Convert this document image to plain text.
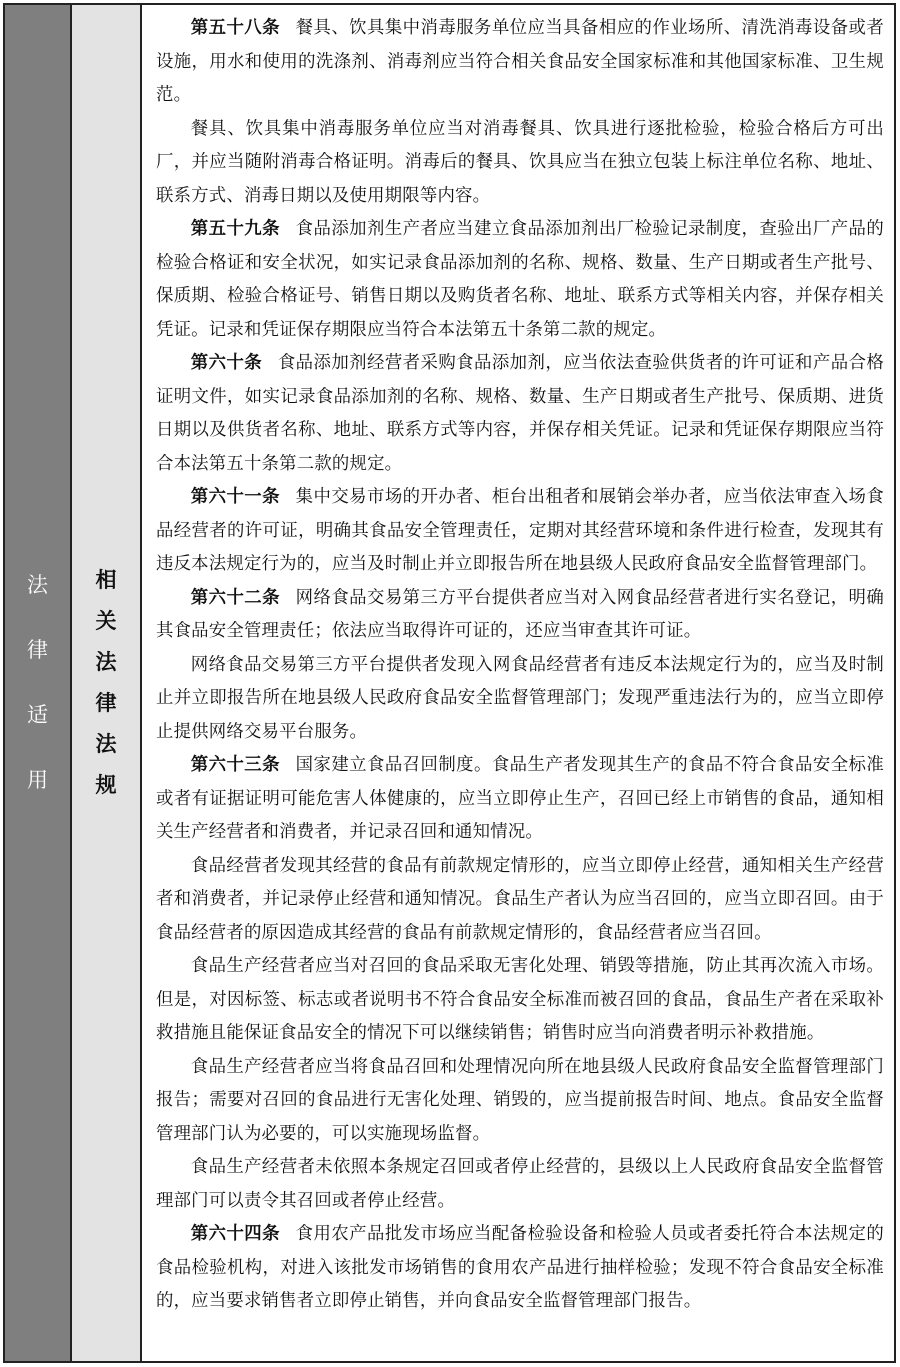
法
律
适
用
相
关
法
律
法
规

第五十八条 餐具、饮具集中消毒服务单位应当具备相应的作业场所、清洗消毒设备或者设施，用水和使用的洗涤剂、消毒剂应当符合相关食品安全国家标准和其他国家标准、卫生规范。

餐具、饮具集中消毒服务单位应当对消毒餐具、饮具进行逐批检验，检验合格后方可出厂，并应当随附消毒合格证明。消毒后的餐具、饮具应当在独立包装上标注单位名称、地址、联系方式、消毒日期以及使用期限等内容。

第五十九条 食品添加剂生产者应当建立食品添加剂出厂检验记录制度，查验出厂产品的检验合格证和安全状况，如实记录食品添加剂的名称、规格、数量、生产日期或者生产批号、保质期、检验合格证号、销售日期以及购货者名称、地址、联系方式等相关内容，并保存相关凭证。记录和凭证保存期限应当符合本法第五十条第二款的规定。

第六十条 食品添加剂经营者采购食品添加剂，应当依法查验供货者的许可证和产品合格证明文件，如实记录食品添加剂的名称、规格、数量、生产日期或者生产批号、保质期、进货日期以及供货者名称、地址、联系方式等内容，并保存相关凭证。记录和凭证保存期限应当符合本法第五十条第二款的规定。

第六十一条 集中交易市场的开办者、柜台出租者和展销会举办者，应当依法审查入场食品经营者的许可证，明确其食品安全管理责任，定期对其经营环境和条件进行检查，发现其有违反本法规定行为的，应当及时制止并立即报告所在地县级人民政府食品安全监督管理部门。

第六十二条 网络食品交易第三方平台提供者应当对入网食品经营者进行实名登记，明确其食品安全管理责任；依法应当取得许可证的，还应当审查其许可证。

网络食品交易第三方平台提供者发现入网食品经营者有违反本法规定行为的，应当及时制止并立即报告所在地县级人民政府食品安全监督管理部门；发现严重违法行为的，应当立即停止提供网络交易平台服务。

第六十三条 国家建立食品召回制度。食品生产者发现其生产的食品不符合食品安全标准或者有证据证明可能危害人体健康的，应当立即停止生产，召回已经上市销售的食品，通知相关生产经营者和消费者，并记录召回和通知情况。

食品经营者发现其经营的食品有前款规定情形的，应当立即停止经营，通知相关生产经营者和消费者，并记录停止经营和通知情况。食品生产者认为应当召回的，应当立即召回。由于食品经营者的原因造成其经营的食品有前款规定情形的，食品经营者应当召回。

食品生产经营者应当对召回的食品采取无害化处理、销毁等措施，防止其再次流入市场。但是，对因标签、标志或者说明书不符合食品安全标准而被召回的食品，食品生产者在采取补救措施且能保证食品安全的情况下可以继续销售；销售时应当向消费者明示补救措施。

食品生产经营者应当将食品召回和处理情况向所在地县级人民政府食品安全监督管理部门报告；需要对召回的食品进行无害化处理、销毁的，应当提前报告时间、地点。食品安全监督管理部门认为必要的，可以实施现场监督。

食品生产经营者未依照本条规定召回或者停止经营的，县级以上人民政府食品安全监督管理部门可以责令其召回或者停止经营。

第六十四条 食用农产品批发市场应当配备检验设备和检验人员或者委托符合本法规定的食品检验机构，对进入该批发市场销售的食用农产品进行抽样检验；发现不符合食品安全标准的，应当要求销售者立即停止销售，并向食品安全监督管理部门报告。
